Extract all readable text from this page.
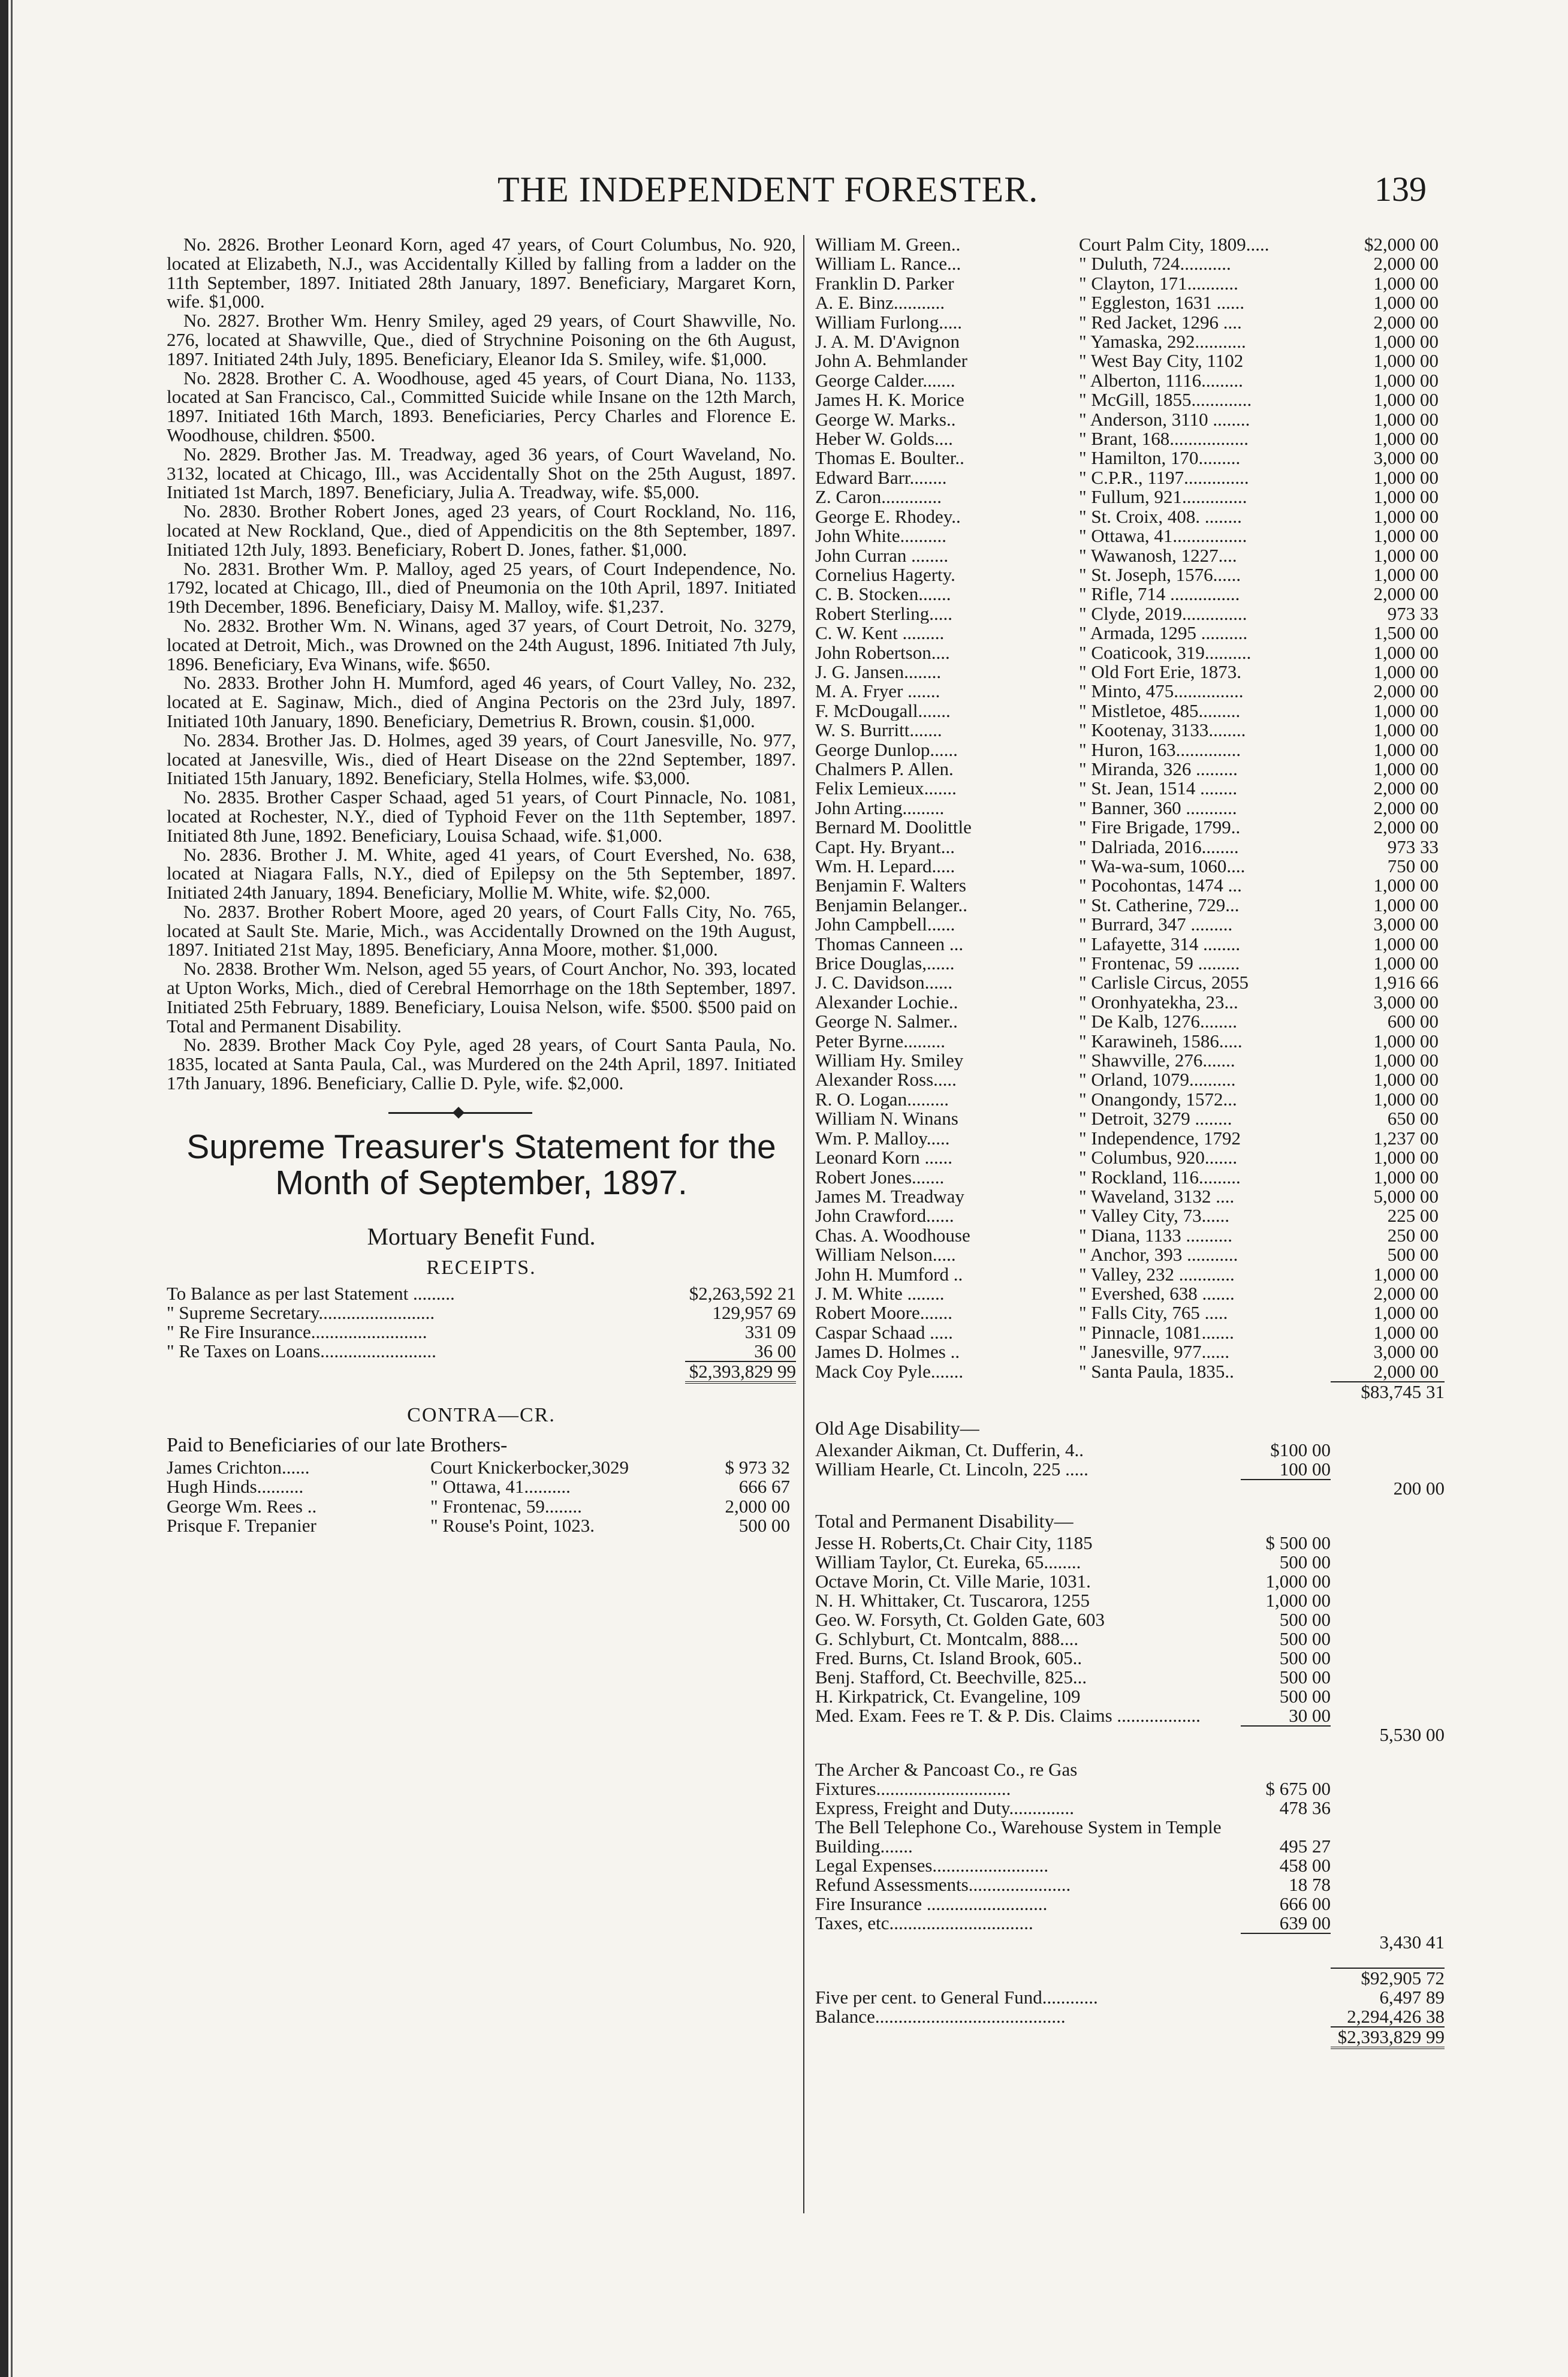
THE INDEPENDENT FORESTER.	139

No. 2826. Brother Leonard Korn, aged 47 years, of Court Columbus, No. 920, located at Elizabeth, N.J., was Accidentally Killed by falling from a ladder on the 11th September, 1897. Initiated 28th January, 1897. Beneficiary, Margaret Korn, wife. $1,000.

No. 2827. Brother Wm. Henry Smiley, aged 29 years, of Court Shawville, No. 276, located at Shawville, Que., died of Strychnine Poisoning on the 6th August, 1897. Initiated 24th July, 1895. Beneficiary, Eleanor Ida S. Smiley, wife. $1,000.

No. 2828. Brother C. A. Woodhouse, aged 45 years, of Court Diana, No. 1133, located at San Francisco, Cal., Committed Suicide while Insane on the 12th March, 1897. Initiated 16th March, 1893. Beneficiaries, Percy Charles and Florence E. Woodhouse, children. $500.

No. 2829. Brother Jas. M. Treadway, aged 36 years, of Court Waveland, No. 3132, located at Chicago, Ill., was Accidentally Shot on the 25th August, 1897. Initiated 1st March, 1897. Beneficiary, Julia A. Treadway, wife. $5,000.

No. 2830. Brother Robert Jones, aged 23 years, of Court Rockland, No. 116, located at New Rockland, Que., died of Appendicitis on the 8th September, 1897. Initiated 12th July, 1893. Beneficiary, Robert D. Jones, father. $1,000.

No. 2831. Brother Wm. P. Malloy, aged 25 years, of Court Independence, No. 1792, located at Chicago, Ill., died of Pneumonia on the 10th April, 1897. Initiated 19th December, 1896. Beneficiary, Daisy M. Malloy, wife. $1,237.

No. 2832. Brother Wm. N. Winans, aged 37 years, of Court Detroit, No. 3279, located at Detroit, Mich., was Drowned on the 24th August, 1896. Initiated 7th July, 1896. Beneficiary, Eva Winans, wife. $650.

No. 2833. Brother John H. Mumford, aged 46 years, of Court Valley, No. 232, located at E. Saginaw, Mich., died of Angina Pectoris on the 23rd July, 1897. Initiated 10th January, 1890. Beneficiary, Demetrius R. Brown, cousin. $1,000.

No. 2834. Brother Jas. D. Holmes, aged 39 years, of Court Janesville, No. 977, located at Janesville, Wis., died of Heart Disease on the 22nd September, 1897. Initiated 15th January, 1892. Beneficiary, Stella Holmes, wife. $3,000.

No. 2835. Brother Casper Schaad, aged 51 years, of Court Pinnacle, No. 1081, located at Rochester, N.Y., died of Typhoid Fever on the 11th September, 1897. Initiated 8th June, 1892. Beneficiary, Louisa Schaad, wife. $1,000.

No. 2836. Brother J. M. White, aged 41 years, of Court Evershed, No. 638, located at Niagara Falls, N.Y., died of Epilepsy on the 5th September, 1897. Initiated 24th January, 1894. Beneficiary, Mollie M. White, wife. $2,000.

No. 2837. Brother Robert Moore, aged 20 years, of Court Falls City, No. 765, located at Sault Ste. Marie, Mich., was Accidentally Drowned on the 19th August, 1897. Initiated 21st May, 1895. Beneficiary, Anna Moore, mother. $1,000.

No. 2838. Brother Wm. Nelson, aged 55 years, of Court Anchor, No. 393, located at Upton Works, Mich., died of Cerebral Hemorrhage on the 18th September, 1897. Initiated 25th February, 1889. Beneficiary, Louisa Nelson, wife. $500. $500 paid on Total and Permanent Disability.

No. 2839. Brother Mack Coy Pyle, aged 28 years, of Court Santa Paula, No. 1835, located at Santa Paula, Cal., was Murdered on the 24th April, 1897. Initiated 17th January, 1896. Beneficiary, Callie D. Pyle, wife. $2,000.

Supreme Treasurer's Statement for the Month of September, 1897.
Mortuary Benefit Fund.
RECEIPTS.
To Balance as per last Statement .........	$2,263,592 21
" Supreme Secretary.........................	129,957 69
" Re Fire Insurance.........................	331 09
" Re Taxes on Loans.........................	36 00
$2,393,829 99
CONTRA—CR.
Paid to Beneficiaries of our late Brothers-
James Crichton......	Court Knickerbocker,3029	$ 973 32
Hugh Hinds..........	" Ottawa, 41..........	666 67
George Wm. Rees ..	" Frontenac, 59........	2,000 00
Prisque F. Trepanier	" Rouse's Point, 1023.	500 00
William M. Green..	Court Palm City, 1809.....	$2,000 00
William L. Rance...	" Duluth, 724...........	2,000 00
Franklin D. Parker	" Clayton, 171...........	1,000 00
A. E. Binz...........	" Eggleston, 1631 ......	1,000 00
William Furlong.....	" Red Jacket, 1296 ....	2,000 00
J. A. M. D'Avignon	" Yamaska, 292...........	1,000 00
John A. Behmlander	" West Bay City, 1102	1,000 00
George Calder.......	" Alberton, 1116.........	1,000 00
James H. K. Morice	" McGill, 1855.............	1,000 00
George W. Marks..	" Anderson, 3110 ........	1,000 00
Heber W. Golds....	" Brant, 168.................	1,000 00
Thomas E. Boulter..	" Hamilton, 170.........	3,000 00
Edward Barr........	" C.P.R., 1197..............	1,000 00
Z. Caron.............	" Fullum, 921..............	1,000 00
George E. Rhodey..	" St. Croix, 408. ........	1,000 00
John White..........	" Ottawa, 41................	1,000 00
John Curran ........	" Wawanosh, 1227....	1,000 00
Cornelius Hagerty.	" St. Joseph, 1576......	1,000 00
C. B. Stocken.......	" Rifle, 714 ...............	2,000 00
Robert Sterling.....	" Clyde, 2019..............	973 33
C. W. Kent .........	" Armada, 1295 ..........	1,500 00
John Robertson....	" Coaticook, 319..........	1,000 00
J. G. Jansen........	" Old Fort Erie, 1873.	1,000 00
M. A. Fryer .......	" Minto, 475...............	2,000 00
F. McDougall.......	" Mistletoe, 485.........	1,000 00
W. S. Burritt.......	" Kootenay, 3133........	1,000 00
George Dunlop......	" Huron, 163..............	1,000 00
Chalmers P. Allen.	" Miranda, 326 .........	1,000 00
Felix Lemieux.......	" St. Jean, 1514 ........	2,000 00
John Arting.........	" Banner, 360 ...........	2,000 00
Bernard M. Doolittle	" Fire Brigade, 1799..	2,000 00
Capt. Hy. Bryant...	" Dalriada, 2016........	973 33
Wm. H. Lepard.....	" Wa-wa-sum, 1060....	750 00
Benjamin F. Walters	" Pocohontas, 1474 ...	1,000 00
Benjamin Belanger..	" St. Catherine, 729...	1,000 00
John Campbell......	" Burrard, 347 .........	3,000 00
Thomas Canneen ...	" Lafayette, 314 ........	1,000 00
Brice Douglas,......	" Frontenac, 59 .........	1,000 00
J. C. Davidson......	" Carlisle Circus, 2055	1,916 66
Alexander Lochie..	" Oronhyatekha, 23...	3,000 00
George N. Salmer..	" De Kalb, 1276........	600 00
Peter Byrne.........	" Karawineh, 1586.....	1,000 00
William Hy. Smiley	" Shawville, 276.......	1,000 00
Alexander Ross.....	" Orland, 1079..........	1,000 00
R. O. Logan.........	" Onangondy, 1572...	1,000 00
William N. Winans	" Detroit, 3279 ........	650 00
Wm. P. Malloy.....	" Independence, 1792	1,237 00
Leonard Korn ......	" Columbus, 920.......	1,000 00
Robert Jones.......	" Rockland, 116.........	1,000 00
James M. Treadway	" Waveland, 3132 ....	5,000 00
John Crawford......	" Valley City, 73......	225 00
Chas. A. Woodhouse	" Diana, 1133 ..........	250 00
William Nelson.....	" Anchor, 393 ...........	500 00
John H. Mumford ..	" Valley, 232 ............	1,000 00
J. M. White ........	" Evershed, 638 .......	2,000 00
Robert Moore.......	" Falls City, 765 .....	1,000 00
Caspar Schaad .....	" Pinnacle, 1081.......	1,000 00
James D. Holmes ..	" Janesville, 977......	3,000 00
Mack Coy Pyle.......	" Santa Paula, 1835..	2,000 00
$83,745 31
Old Age Disability—
Alexander Aikman, Ct. Dufferin, 4..	$100 00
William Hearle, Ct. Lincoln, 225 .....	100 00
200 00
Total and Permanent Disability—
Jesse H. Roberts,Ct. Chair City, 1185	$ 500 00
William Taylor, Ct. Eureka, 65........	500 00
Octave Morin, Ct. Ville Marie, 1031.	1,000 00
N. H. Whittaker, Ct. Tuscarora, 1255	1,000 00
Geo. W. Forsyth, Ct. Golden Gate, 603	500 00
G. Schlyburt, Ct. Montcalm, 888....	500 00
Fred. Burns, Ct. Island Brook, 605..	500 00
Benj. Stafford, Ct. Beechville, 825...	500 00
H. Kirkpatrick, Ct. Evangeline, 109	500 00
Med. Exam. Fees re T. & P. Dis. Claims ..................	30 00
5,530 00
The Archer & Pancoast Co., re Gas Fixtures.............................	$ 675 00
Express, Freight and Duty..............	478 36
The Bell Telephone Co., Warehouse System in Temple Building.......	495 27
Legal Expenses.........................	458 00
Refund Assessments......................	18 78
Fire Insurance ..........................	666 00
Taxes, etc...............................	639 00
3,430 41
$92,905 72
Five per cent. to General Fund............	6,497 89
Balance.........................................	2,294,426 38
$2,393,829 99
